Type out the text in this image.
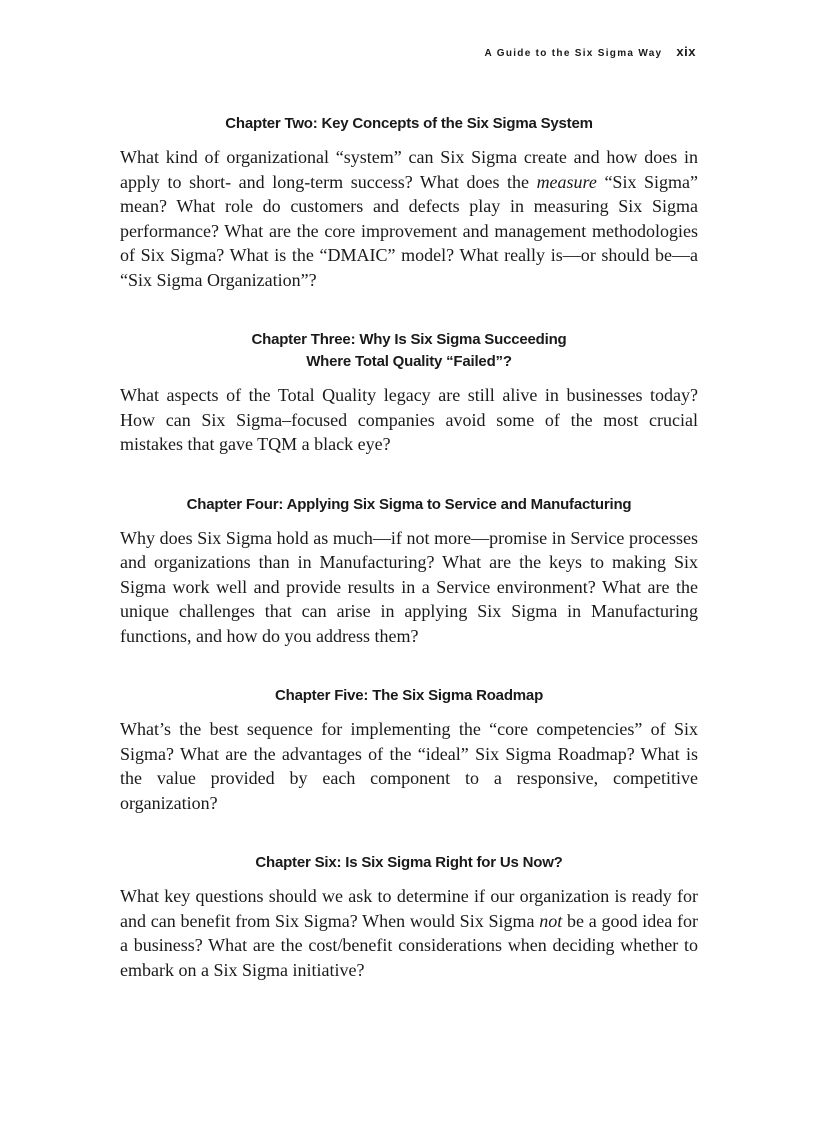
A Guide to the Six Sigma Way xix
Chapter Two: Key Concepts of the Six Sigma System

What kind of organizational “system” can Six Sigma create and how does in apply to short- and long-term success? What does the measure “Six Sigma” mean? What role do customers and defects play in measuring Six Sigma performance? What are the core improvement and management methodologies of Six Sigma? What is the “DMAIC” model? What really is—or should be—a “Six Sigma Organization”?

Chapter Three: Why Is Six Sigma Succeeding
Where Total Quality “Failed”?

What aspects of the Total Quality legacy are still alive in businesses today? How can Six Sigma–focused companies avoid some of the most crucial mistakes that gave TQM a black eye?

Chapter Four: Applying Six Sigma to Service and Manufacturing

Why does Six Sigma hold as much—if not more—promise in Service processes and organizations than in Manufacturing? What are the keys to making Six Sigma work well and provide results in a Service environment? What are the unique challenges that can arise in applying Six Sigma in Manufacturing functions, and how do you address them?

Chapter Five: The Six Sigma Roadmap

What’s the best sequence for implementing the “core competencies” of Six Sigma? What are the advantages of the “ideal” Six Sigma Roadmap? What is the value provided by each component to a responsive, competitive organization?

Chapter Six: Is Six Sigma Right for Us Now?

What key questions should we ask to determine if our organization is ready for and can benefit from Six Sigma? When would Six Sigma not be a good idea for a business? What are the cost/benefit considerations when deciding whether to embark on a Six Sigma initiative?
